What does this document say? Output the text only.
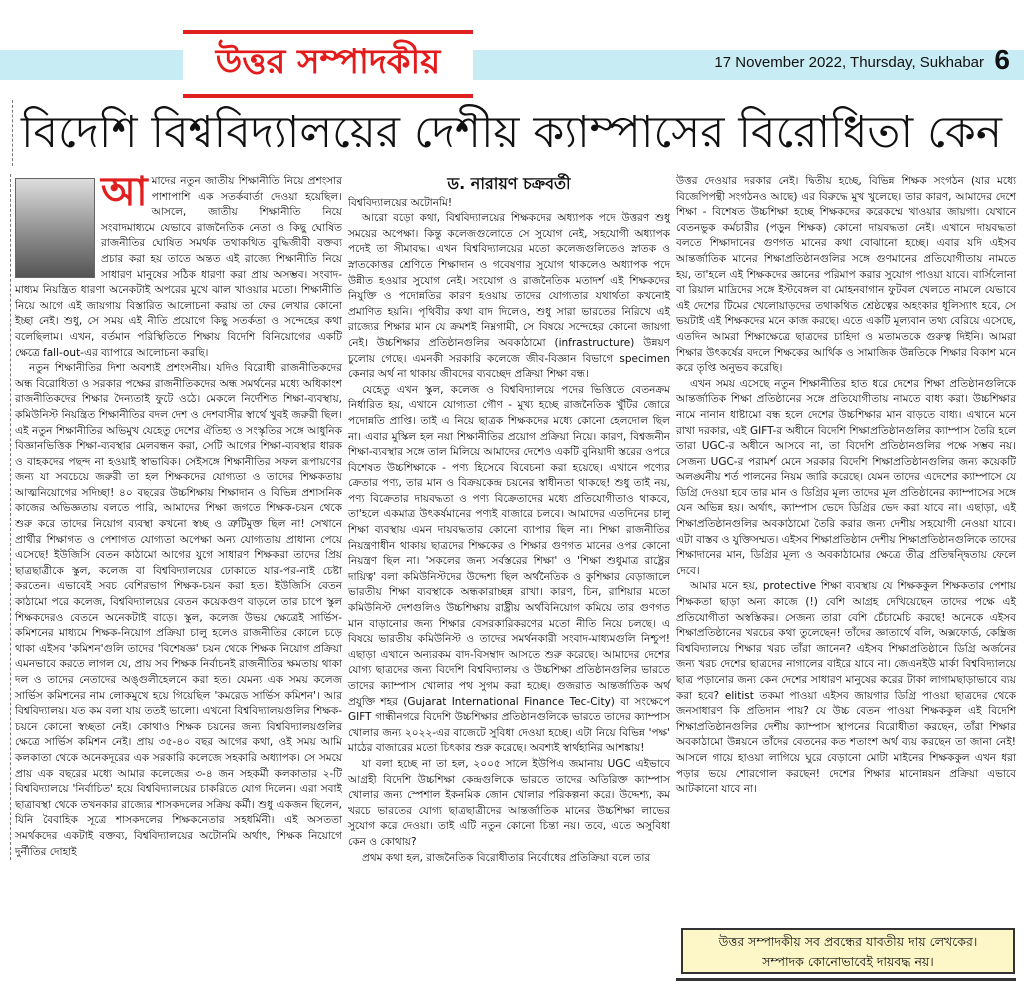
উত্তর সম্পাদকীয়	17 November 2022, Thursday, Sukhabar 6
বিদেশি বিশ্ববিদ্যালয়ের দেশীয় ক্যাম্পাসের বিরোধিতা কেন
আ মাদের নতুন জাতীয় শিক্ষানীতি নিয়ে প্রশংসার পাশাপাশি এক সতর্কবার্তা দেওয়া হয়েছিল। আসলে, জাতীয় শিক্ষানীতি নিয়ে সংবাদমাধ্যমে যেভাবে রাজনৈতিক নেতা ও কিছু ঘোষিত রাজনীতির ঘোষিত সমর্থক তথাকথিত বুদ্ধিজীবী বক্তব্য প্রচার করা হয় তাতে অন্তত এই রাজ্যে শিক্ষানীতি নিয়ে সাধারণ মানুষের সঠিক ধারণা করা প্রায় অসম্ভব। সংবাদ-মাধ্যম নিয়ন্ত্রিত ধারণা অনেকটাই অপরের মুখে ঝাল খাওয়ার মতো। শিক্ষানীতি নিয়ে আগে এই জায়গায় বিস্তারিত আলোচনা করায় তা ফের লেখার কোনো ইচ্ছা নেই। শুধু, সে সময় এই নীতি প্রয়োগে কিছু সতর্কতা ও সন্দেহের কথা বলেছিলাম। এখন, বর্তমান পরিস্থিতিতে শিক্ষায় বিদেশি বিনিয়োগের একটি ক্ষেত্রে fall-out-এর ব্যাপারে আলোচনা করছি।

নতুন শিক্ষানীতির দিশা অবশ্যই প্রশংসনীয়। যদিও বিরোধী রাজনীতিকদের অন্ধ বিরোধিতা ও সরকার পক্ষের রাজনীতিকদের অন্ধ সমর্থনের মধ্যে অধিকাংশ রাজনীতিকদের শিক্ষার দৈন্যতাই ফুটে ওঠে। মেকলে নির্দেশিত শিক্ষা-ব্যবস্থায়, কমিউনিস্ট নিয়ন্ত্রিত শিক্ষানীতির বদল দেশ ও দেশবাসীর স্বার্থে খুবই জরুরী ছিল। এই নতুন শিক্ষানীতির অভিমুখ যেহেতু দেশের ঐতিহ্য ও সংস্কৃতির সঙ্গে আধুনিক বিজ্ঞানভিত্তিক শিক্ষা-ব্যবস্থার মেলবন্ধন করা, সেটি আগের শিক্ষা-ব্যবস্থার ধারক ও বাহকদের পছন্দ না হওয়াই স্বাভাবিক। সেইসঙ্গে শিক্ষানীতির সফল রূপায়ণের জন্য যা সবচেয়ে জরুরী তা হল শিক্ষকদের যোগ্যতা ও তাদের শিক্ষকতায় আত্মনিয়োগের সদিচ্ছা! ৪০ বছরের উচ্চশিক্ষায় শিক্ষাদান ও বিভিন্ন প্রশাসনিক কাজের অভিজ্ঞতায় বলতে পারি, আমাদের শিক্ষা জগতে শিক্ষক-চয়ন থেকে শুরু করে তাদের নিয়োগ ব্যবস্থা কখনো স্বচ্ছ ও ত্রুটিমুক্ত ছিল না! সেখানে প্রার্থীর শিক্ষাগত ও পেশাগত যোগ্যতা অপেক্ষা অন্য যোগ্যতায় প্রাধান্য পেয়ে এসেছে! ইউজিসি বেতন কাঠামো আগের যুগে সাধারণ শিক্ষকরা তাদের প্রিয় ছাত্রছাত্রীকে স্কুল, কলেজ বা বিশ্ববিদ্যালয়ের ঢোকাতে যার-পর-নাই চেষ্টা করতেন। এভাবেই সবচ বেশিরভাগ শিক্ষক-চয়ন করা হত। ইউজিসি বেতন কাঠামো পরে কলেজ, বিশ্ববিদ্যালয়ের বেতন কয়েকগুণ বাড়লে তার চাপে স্কুল শিক্ষকদেরও বেতনে অনেকটাই বাড়ে। স্কুল, কলেজ উভয় ক্ষেত্রেই সার্ভিস-কমিশনের মাধ্যমে শিক্ষক-নিয়োগ প্রক্রিয়া চালু হলেও রাজনীতির কোলে চড়ে থাকা এইসব 'কমিশন'গুলি তাদের 'বিশেষজ্ঞ' চয়ন থেকে শিক্ষক নিয়োগ প্রক্রিয়া এমনভাবে করতে লাগল যে, প্রায় সব শিক্ষক নির্বাচনই রাজনীতির ক্ষমতায় থাকা দল ও তাদের নেতাদের অঙ্গুলীহেলনে করা হত। যেমন্য এক সময় কলেজ সার্ভিস কমিশনের নাম লোকমুখে হয়ে গিয়েছিল 'কমরেড সার্ভিস কমিশন'। আর বিশ্ববিদ্যালয়। যত কম বলা যায় ততই ভালো। এখনো বিশ্ববিদ্যালয়গুলির শিক্ষক-চয়নে কোনো স্বচ্ছতা নেই। কোথাও শিক্ষক চয়নের জন্য বিশ্ববিদ্যালয়গুলির ক্ষেত্রে সার্ভিস কমিশন নেই। প্রায় ৩৫-৪০ বছর আগের কথা, ওই সময় আমি কলকাতা থেকে অনেকদূরের এক সরকারি কলেজে সহকারি অধ্যাপক। সে সময়ে প্রায় এক বছরের মধ্যে আমার কলেজের ৩-৪ জন সহকর্মী কলকাতার ২-টি বিশ্ববিদ্যালয়ে 'নির্বাচিত' হয়ে বিশ্ববিদ্যালয়ের চাকরিতে যোগ দিলেন। এরা সবাই ছাত্রাবস্থা থেকে তখনকার রাজ্যের শাসকদলের সক্রিয় কর্মী। শুধু একজন ছিলেন, যিনি বৈবাহিক সূত্রে শাসকদলের শিক্ষকনেতার সহধর্মিনী। এই অসততা সমর্থকদের একটাই বক্তব্য, বিশ্ববিদ্যালয়ের অটোনমি অর্থাৎ, শিক্ষক নিয়োগে দুর্নীতির দোহাই

ড. নারায়ণ চক্রবর্তী
বিশ্ববিদ্যালয়ের অটোনমি!

আরো বড়ো কথা, বিশ্ববিদ্যালয়ের শিক্ষকদের অধ্যাপক পদে উত্তরণ শুধু সময়ের অপেক্ষা। কিন্তু কলেজগুলোতে সে সুযোগ নেই, সহযোগী অধ্যাপক পদেই তা সীমাবদ্ধ। এখন বিশ্ববিদ্যালয়ের মতো কলেজগুলিতেও স্নাতক ও স্নাতকোত্তর শ্রেণিতে শিক্ষাদান ও গবেষণার সুযোগ থাকলেও অধ্যাপক পদে উন্নীত হওয়ার সুযোগ নেই। সংযোগ ও রাজনৈতিক মতাদর্শ এই শিক্ষকদের নিযুক্তি ও পদোন্নতির কারণ হওয়ায় তাদের যোগ্যতার যথার্থতা কখনোই প্রমাণিত হয়নি। পৃথিবীর কথা বাদ দিলেও, শুধু সারা ভারতের নিরিখে এই রাজ্যের শিক্ষার মান যে ক্রমশই নিম্নগামী, সে বিষয়ে সন্দেহের কোনো জায়গা নেই। উচ্চশিক্ষার প্রতিষ্ঠানগুলির অবকাঠামো (infrastructure) উন্নয়ণ চুলোয় গেছে। এমনকী সরকারি কলেজে জীব-বিজ্ঞান বিভাগে specimen কেনার অর্থ না থাকায় জীবদের ব্যবচ্ছেদ প্রক্রিয়া শিক্ষা বন্ধ।

যেহেতু এখন স্কুল, কলেজ ও বিশ্ববিদ্যালয়ে পদের ভিত্তিতে বেতনক্রম নির্ধারিত হয়, এখানে যোগ্যতা গৌণ - মুখ্য হচ্ছে রাজনৈতিক খুঁটির জোরে পদোন্নতি প্রাপ্তি। তাই এ নিয়ে ছাত্রক শিক্ষকদের মধ্যে কোনো হেলদোল ছিল না। এবার মুস্কিল হল নয়া শিক্ষানীতির প্রয়োগ প্রক্রিয়া নিয়ে। কারণ, বিশ্বজনীন শিক্ষা-ব্যবস্থার সঙ্গে তাল মিলিয়ে আমাদের দেশেও একটি বুনিয়াদী স্তরের ওপরে বিশেষত উচ্চশিক্ষাকে - পণ্য হিসেবে বিবেচনা করা হয়েছে। এখানে পণ্যের ক্রেতার পণ্য, তার মান ও বিক্রয়কেন্দ্র চয়নের স্বাধীনতা থাকছে! শুধু তাই নয়, পণ্য বিক্রেতার দায়বদ্ধতা ও পণ্য বিক্রেতাদের মধ্যে প্রতিযোগীতাও থাকবে, তা'হলে একমাত্র উৎকর্ষমানের পণ্যই বাজারে চলবে। আমাদের এতদিনের চালু শিক্ষা ব্যবস্থায় এমন দায়বদ্ধতার কোনো ব্যাপার ছিল না। শিক্ষা রাজনীতির নিয়ন্ত্রণাধীন থাকায় ছাত্রদের শিক্ষকের ও শিক্ষার গুণগত মানের ওপর কোনো নিয়ন্ত্রণ ছিল না। 'সকলের জন্য সর্বস্তরের শিক্ষা' ও 'শিক্ষা শুধুমাত্র রাষ্ট্রের দায়িত্ব' বলা কমিউনিস্টদের উদ্দেশ্য ছিল অর্থনৈতিক ও কুশিক্ষার বেড়াজালে ভারতীয় শিক্ষা ব্যবস্থাকে অন্ধকারাচ্ছন্ন রাখা। কারণ, চিন, রাশিয়ার মতো কমিউনিস্ট দেশগুলিও উচ্চশিক্ষায় রাষ্ট্রীয় অর্থবিনিয়োগ কমিয়ে তার গুণগত মান বাড়ানোর জন্য শিক্ষার বেসরকারিকরণের মতো নীতি নিয়ে চলছে। এ বিষয়ে ভারতীয় কমিউনিস্ট ও তাদের সমর্থনকারী সংবাদ-মাধ্যমগুলি নিশ্চুপ! এছাড়া এখানে অন্যরকম বাদ-বিসম্বাদ আসতে শুরু করেছে। আমাদের দেশের যোগ্য ছাত্রদের জন্য বিদেশি বিশ্ববিদ্যালয় ও উচ্চশিক্ষা প্রতিষ্ঠানগুলির ভারতে তাদের ক্যাম্পাস খোলার পথ সুগম করা হচ্ছে। গুজরাত আন্তর্জাতিক অর্থ প্রযুক্তি শহর (Gujarat International Finance Tec-City) বা সংক্ষেপে GIFT গান্ধীনগরে বিদেশি উচ্চশিক্ষার প্রতিষ্ঠানগুলিকে ভারতে তাদের ক্যাম্পাস খোলার জন্য ২০২২-এর বাজেটে সুবিধা দেওয়া হচ্ছে। এটা নিয়ে বিভিন্ন 'পক্ষ' মাঠের বাজারের মতো চিৎকার শুরু করেছে। অবশ্যই স্বার্থহানির আশঙ্কায়!

যা বলা হচ্ছে না তা হল, ২০০৫ সালে ইউপিএ জমানায় UGC এইভাবে আগ্রহী বিদেশি উচ্চশিক্ষা কেন্দ্রগুলিকে ভারতে তাদের অতিরিক্ত ক্যাম্পাস খোলার জন্য স্পেশাল ইকনমিক জোন খোলার পরিকল্পনা করে। উদ্দেশ্য, কম খরচে ভারতের যোগ্য ছাত্রছাত্রীদের আন্তর্জাতিক মানের উচ্চশিক্ষা লাভের সুযোগ করে দেওয়া। তাই এটি নতুন কোনো চিন্তা নয়। তবে, এতে অসুবিধা কেন ও কোথায়?

প্রথম কথা হল, রাজনৈতিক বিরোধীতার নির্বোধের প্রতিক্রিয়া বলে তার

উত্তর দেওয়ার দরকার নেই। দ্বিতীয় হচ্ছে, বিভিন্ন শিক্ষক সংগঠন (যার মধ্যে বিজেপিপন্থী সংগঠনও আছে) এর বিরুদ্ধে মুখ খুলেছে। তার কারণ, আমাদের দেশে শিক্ষা - বিশেষত উচ্চশিক্ষা হচ্ছে শিক্ষকদের করেকম্মে খাওয়ার জায়গা। যেখানে বেতনভুক কর্মচারীর (পড়ুন শিক্ষক) কোনো দায়বদ্ধতা নেই। এখানে দায়বদ্ধতা বলতে শিক্ষাদানের গুণগত মানের কথা বোঝানো হচ্ছে। এবার যদি এইসব আন্তর্জাতিক মানের শিক্ষাপ্রতিষ্ঠানগুলির সঙ্গে গুণমানের প্রতিযোগীতায় নামতে হয়, তা'হলে এই শিক্ষকদের জ্ঞানের পরিমাপ করার সুযোগ পাওয়া যাবে। বার্সিলোনা বা রিয়াল মাদ্রিদের সঙ্গে ইস্টবেঙ্গল বা মোহনবাগান ফুটবল খেলতে নামলে যেভাবে এই দেশের টিমের খেলোয়াড়দের তথাকথিত শ্রেষ্ঠত্বের অহংকার ধূলিস্যাৎ হবে, সে ভয়টাই এই শিক্ষকদের মনে কাজ করছে। এতে একটি মূল্যবান তথ্য বেরিয়ে এসেছে, এতদিন আমরা শিক্ষাক্ষেত্রে ছাত্রদের চাহিদা ও মতামতকে গুরুত্ব দিইনি। আমরা শিক্ষার উৎকর্ষের বদলে শিক্ষকের আর্থিক ও সামাজিক উন্নতিকে শিক্ষার বিকাশ মনে করে তৃপ্তি অনুভব করেছি।

এখন সময় এসেছে নতুন শিক্ষানীতির হাত ধরে দেশের শিক্ষা প্রতিষ্ঠানগুলিকে আন্তর্জাতিক শিক্ষা প্রতিষ্ঠানের সঙ্গে প্রতিযোগীতায় নামতে বাধ্য করা। উচ্চশিক্ষার নামে নানান ধাষ্টামো বন্ধ হলে দেশের উচ্চশিক্ষার মান বাড়তে বাধ্য। এখানে মনে রাখা দরকার, এই GIFT-র অধীনে বিদেশি শিক্ষাপ্রতিষ্ঠানগুলির ক্যাম্পাস তৈরি হলে তারা UGC-র অধীনে আসবে না, তা বিদেশি প্রতিষ্ঠানগুলির পক্ষে সম্ভব নয়। সেজন্য UGC-র পরামর্শ মেনে সরকার বিদেশি শিক্ষাপ্রতিষ্ঠানগুলির জন্য কয়েকটি অলঙ্ঘনীয় শর্ত পালনের নিয়ম জারি করেছে। যেমন তাদের এদেশের ক্যাম্পাসে যে ডিগ্রি দেওয়া হবে তার মান ও ডিগ্রির মূল্য তাদের মূল প্রতিষ্ঠানের ক্যাম্পাসের সঙ্গে যেন অভিন্ন হয়। অর্থাৎ, ক্যাম্পাস ভেদে ডিগ্রির ভেদ করা যাবে না। এছাড়া, এই শিক্ষাপ্রতিষ্ঠানগুলির অবকাঠামো তৈরি করার জন্য দেশীয় সহযোগী নেওয়া যাবে। এটা বাস্তব ও যুক্তিসম্মত। এইসব শিক্ষাপ্রতিষ্ঠান দেশীয় শিক্ষাপ্রতিষ্ঠানগুলিকে তাদের শিক্ষাদানের মান, ডিগ্রির মূল্য ও অবকাঠামোর ক্ষেত্রে তীব্র প্রতিদ্বন্দ্বিতায় ফেলে দেবে।

আমার মনে হয়, protective শিক্ষা ব্যবস্থায় যে শিক্ষককুল শিক্ষকতার পেশায় শিক্ষকতা ছাড়া অন্য কাজে (!) বেশি আগ্রহ দেখিয়েছেন তাদের পক্ষে এই প্রতিযোগীতা অস্বস্তিকর। সেজন্য তারা বেশি চেঁচামেচি করছে! অনেকে এইসব শিক্ষাপ্রতিষ্ঠানের খরচের কথা তুলেছেন! তাঁদের জ্ঞাতার্থে বলি, অক্সফোর্ড, কেম্ব্রিজ বিশ্ববিদ্যালয়ে শিক্ষার খরচ তাঁরা জানেন? এইসব শিক্ষাপ্রতিষ্ঠানে ডিগ্রি অর্জনের জন্য খরচ দেশের ছাত্রদের নাগালের বাইরে যাবে না। জেএনইউ মার্কা বিশ্ববিদ্যালয়ে ছাত্র পড়ানোর জন্য কেন দেশের সাধারণ মানুষের করের টাকা লাগামছাড়াভাবে ব্যয় করা হবে? elitist তকমা পাওয়া এইসব জায়গার ডিগ্রি পাওয়া ছাত্রদের থেকে জনসাধারণ কি প্রতিদান পায়? যে উচ্চ বেতন পাওয়া শিক্ষককুল এই বিদেশি শিক্ষাপ্রতিষ্ঠানগুলির দেশীয় ক্যাম্পাস স্থাপনের বিরোধীতা করছেন, তাঁরা শিক্ষার অবকাঠামো উন্নয়নে তাঁদের বেতনের কত শতাংশ অর্থ ব্যয় করছেন তা জানা নেই! আসলে গায়ে হাওয়া লাগিয়ে ঘুরে বেড়ানো মোটা মাইনের শিক্ষককুল এখন ধরা পড়ার ভয়ে শোরগোল করছেন! দেশের শিক্ষার মানোন্নয়ন প্রক্রিয়া এভাবে আটকানো যাবে না।

উত্তর সম্পাদকীয় সব প্রবন্ধের যাবতীয় দায় লেখকের।
সম্পাদক কোনোভাবেই দায়বদ্ধ নয়।
